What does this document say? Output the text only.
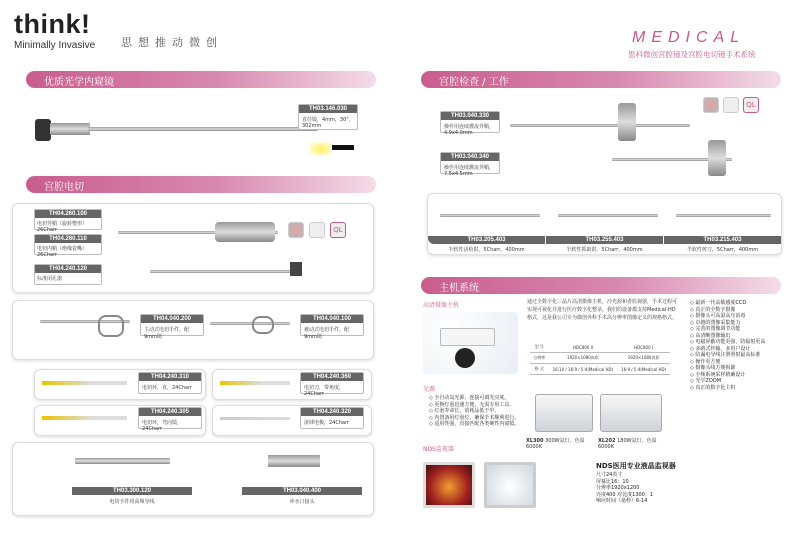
think!
Minimally Invasive 思想推动微创	MEDICAL
思科微创宫腔镜及宫腔电切镜手术系统
优质光学内窥镜
TH03.146.030
直径镜，4mm，30°，302mm
宫腔电切
TH04.260.100
电切外鞘（旋转整形）26Charr
TH04.260.110
电切内鞘（绝缘瓷嘴）26Charr
TH04.240.120
标准闭孔器
QL
TH04.040.200
主动式电切手件，配9mm镜
TH04.040.100
被动式电切手件，配9mm镜
TH04.240.310
电切环，直，24Charr
TH04.240.360
电切刀，带角度，24Charr
TH04.240.305
电切环，弯向镜，24Charr
TH04.240.320
滚球电极，24Charr
TH03.300.120
电切手件用高频导线
TH03.040.400
冲水口接头
宫腔检查 / 工作
TH03.040.330
操作用连续灌流外鞘，4.9x4.0mm
TH03.040.340
操作用连续灌流外鞘，7.5x4.5mm
QL
TH03.205.403	TH03.255.403	TH03.215.403
半软性活检钳，5Charr，400mm	半软性抓取钳，5Charr，400mm	半软性剪刀，5Charr，400mm
主机系统
高清摄像主机	通过全数字化三晶片高清摄像主机，冷光源和者监视器，手术过程可实现可视化并进行医疗数字化整录。我们的设备都支持Medical-HD格式，这是我公司专为微创外科手术高分辨率图像定义的规格格式。
型 号	HDC800 II	HDC800 I
分辨率	1920×1080真彩	1920×1080真彩
格 式	16:10 / 16:9 / 5:4(Medical HD)	16:9 / 5:4(Medical HD)
◇ 最新一代高敏感度CCD
◇ 真正的全数字摄像
◇ 摄像头可高温高压消毒
◇ 卓越的图像采集能力
◇ 完善的图像调节功能
◇ 高清晰图像输出
◇ 电磁屏蔽功能更强，防辐射更高
◇ 多路式传输，多用户设计
◇ 防漏电导线注册照射最高标准
◇ 操作更方便
◇ 摄像头线方便拆卸
◇ 全频系统采样精确设计
◇ 光学ZOOM
◇ 真正的数字化主机
光源
◇ 全自动氙光源，连接可调光亮度。
◇ 更换灯泡迅速方便，无需专用工具。
◇ 灯泡寿命长，消耗品低于中。
◇ 内置备用灯泡灯，确保手术顺利进行。
◇ 适用性强，直接匹配各类硬性内窥镜。
XL300 300W氙灯，色温6000K
XL202 180W氙灯，色温6000K
NDS监视器
NDS医用专业液晶监视器
尺寸24英寸
屏幕比16：10
分辨率1920x1200
亮度400 对比度1300：1
响应时间（毫秒）6-14
